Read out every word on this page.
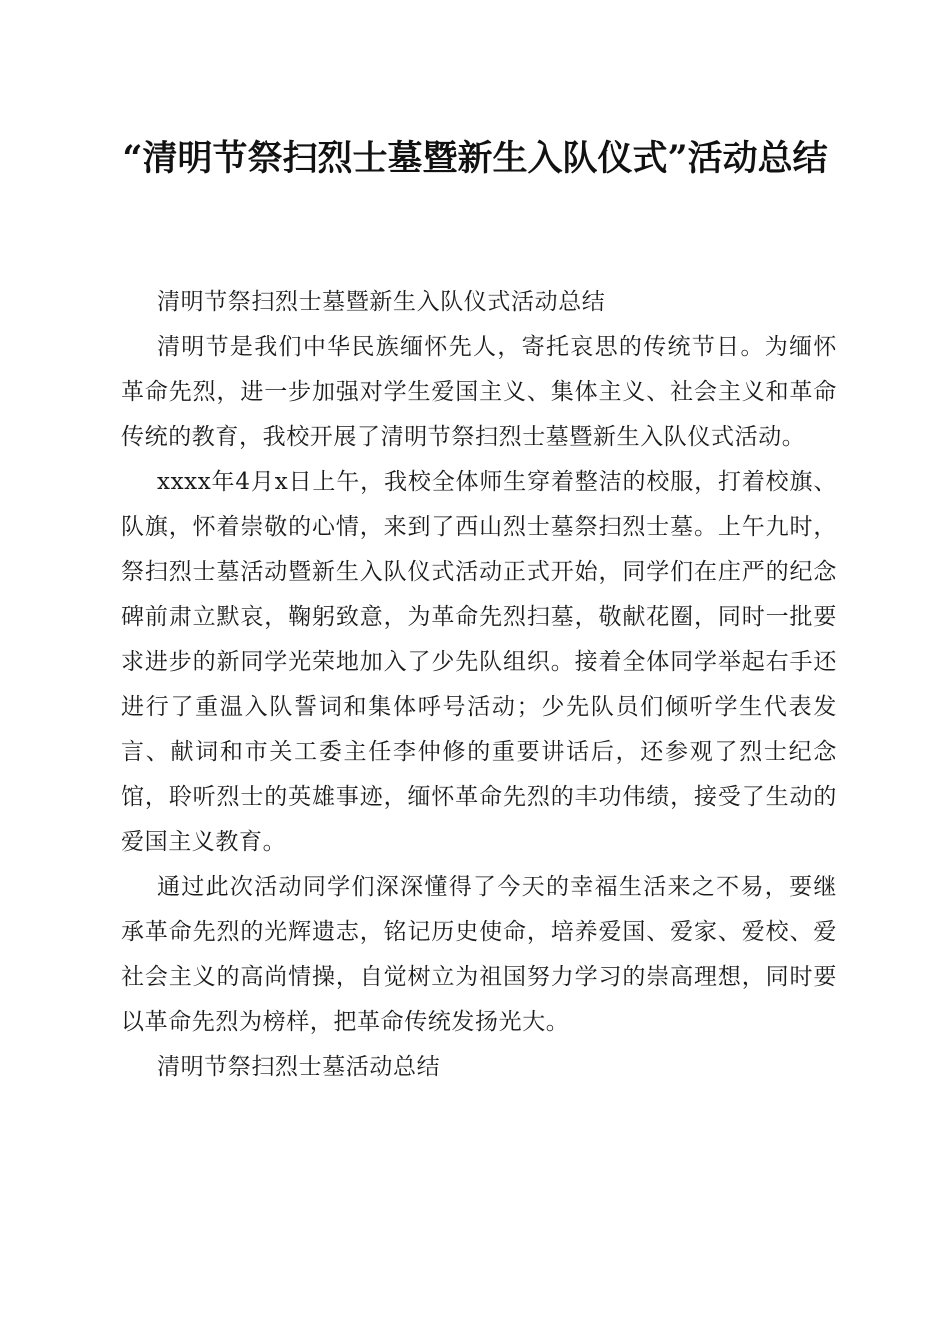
“清明节祭扫烈士墓暨新生入队仪式”活动总结

清明节祭扫烈士墓暨新生入队仪式活动总结

清明节是我们中华民族缅怀先人，寄托哀思的传统节日。为缅怀革命先烈，进一步加强对学生爱国主义、集体主义、社会主义和革命传统的教育，我校开展了清明节祭扫烈士墓暨新生入队仪式活动。

xxxx年4月x日上午，我校全体师生穿着整洁的校服，打着校旗、队旗，怀着崇敬的心情，来到了西山烈士墓祭扫烈士墓。上午九时，祭扫烈士墓活动暨新生入队仪式活动正式开始，同学们在庄严的纪念碑前肃立默哀，鞠躬致意，为革命先烈扫墓，敬献花圈，同时一批要求进步的新同学光荣地加入了少先队组织。接着全体同学举起右手还进行了重温入队誓词和集体呼号活动；少先队员们倾听学生代表发言、献词和市关工委主任李仲修的重要讲话后，还参观了烈士纪念馆，聆听烈士的英雄事迹，缅怀革命先烈的丰功伟绩，接受了生动的爱国主义教育。

通过此次活动同学们深深懂得了今天的幸福生活来之不易，要继承革命先烈的光辉遗志，铭记历史使命，培养爱国、爱家、爱校、爱社会主义的高尚情操，自觉树立为祖国努力学习的崇高理想，同时要以革命先烈为榜样，把革命传统发扬光大。

清明节祭扫烈士墓活动总结
